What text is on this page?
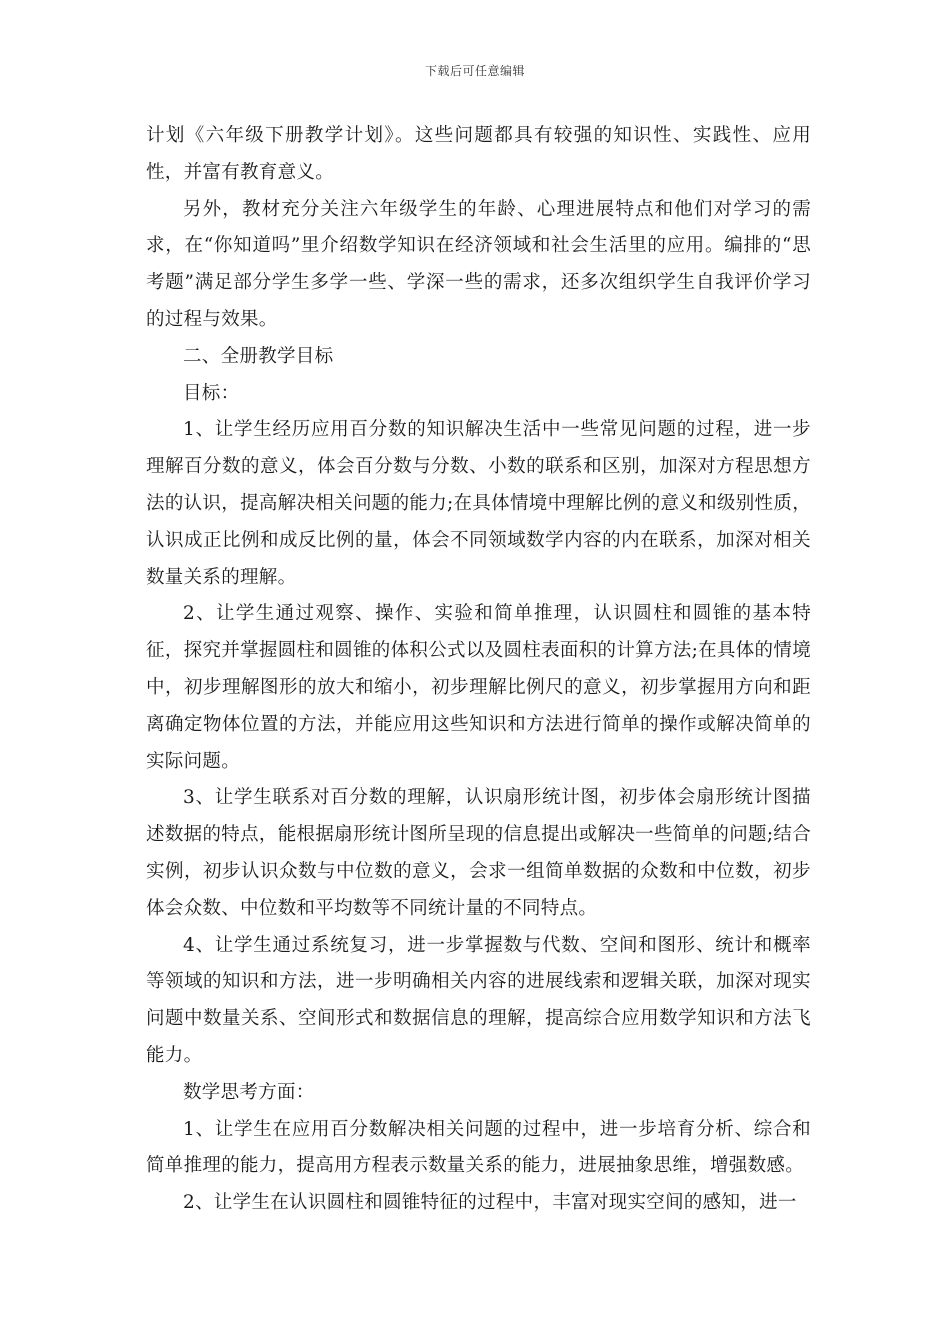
下载后可任意编辑

计划《六年级下册教学计划》。这些问题都具有较强的知识性、实践性、应用性，并富有教育意义。

另外，教材充分关注六年级学生的年龄、心理进展特点和他们对学习的需求，在“你知道吗”里介绍数学知识在经济领域和社会生活里的应用。编排的“思考题”满足部分学生多学一些、学深一些的需求，还多次组织学生自我评价学习的过程与效果。

二、全册教学目标

目标：

1、让学生经历应用百分数的知识解决生活中一些常见问题的过程，进一步理解百分数的意义，体会百分数与分数、小数的联系和区别，加深对方程思想方法的认识，提高解决相关问题的能力;在具体情境中理解比例的意义和级别性质，认识成正比例和成反比例的量，体会不同领域数学内容的内在联系，加深对相关数量关系的理解。

2、让学生通过观察、操作、实验和简单推理，认识圆柱和圆锥的基本特征，探究并掌握圆柱和圆锥的体积公式以及圆柱表面积的计算方法;在具体的情境中，初步理解图形的放大和缩小，初步理解比例尺的意义，初步掌握用方向和距离确定物体位置的方法，并能应用这些知识和方法进行简单的操作或解决简单的实际问题。

3、让学生联系对百分数的理解，认识扇形统计图，初步体会扇形统计图描述数据的特点，能根据扇形统计图所呈现的信息提出或解决一些简单的问题;结合实例，初步认识众数与中位数的意义，会求一组简单数据的众数和中位数，初步体会众数、中位数和平均数等不同统计量的不同特点。

4、让学生通过系统复习，进一步掌握数与代数、空间和图形、统计和概率等领域的知识和方法，进一步明确相关内容的进展线索和逻辑关联，加深对现实问题中数量关系、空间形式和数据信息的理解，提高综合应用数学知识和方法飞能力。

数学思考方面：

1、让学生在应用百分数解决相关问题的过程中，进一步培育分析、综合和简单推理的能力，提高用方程表示数量关系的能力，进展抽象思维，增强数感。

2、让学生在认识圆柱和圆锥特征的过程中，丰富对现实空间的感知，进一
